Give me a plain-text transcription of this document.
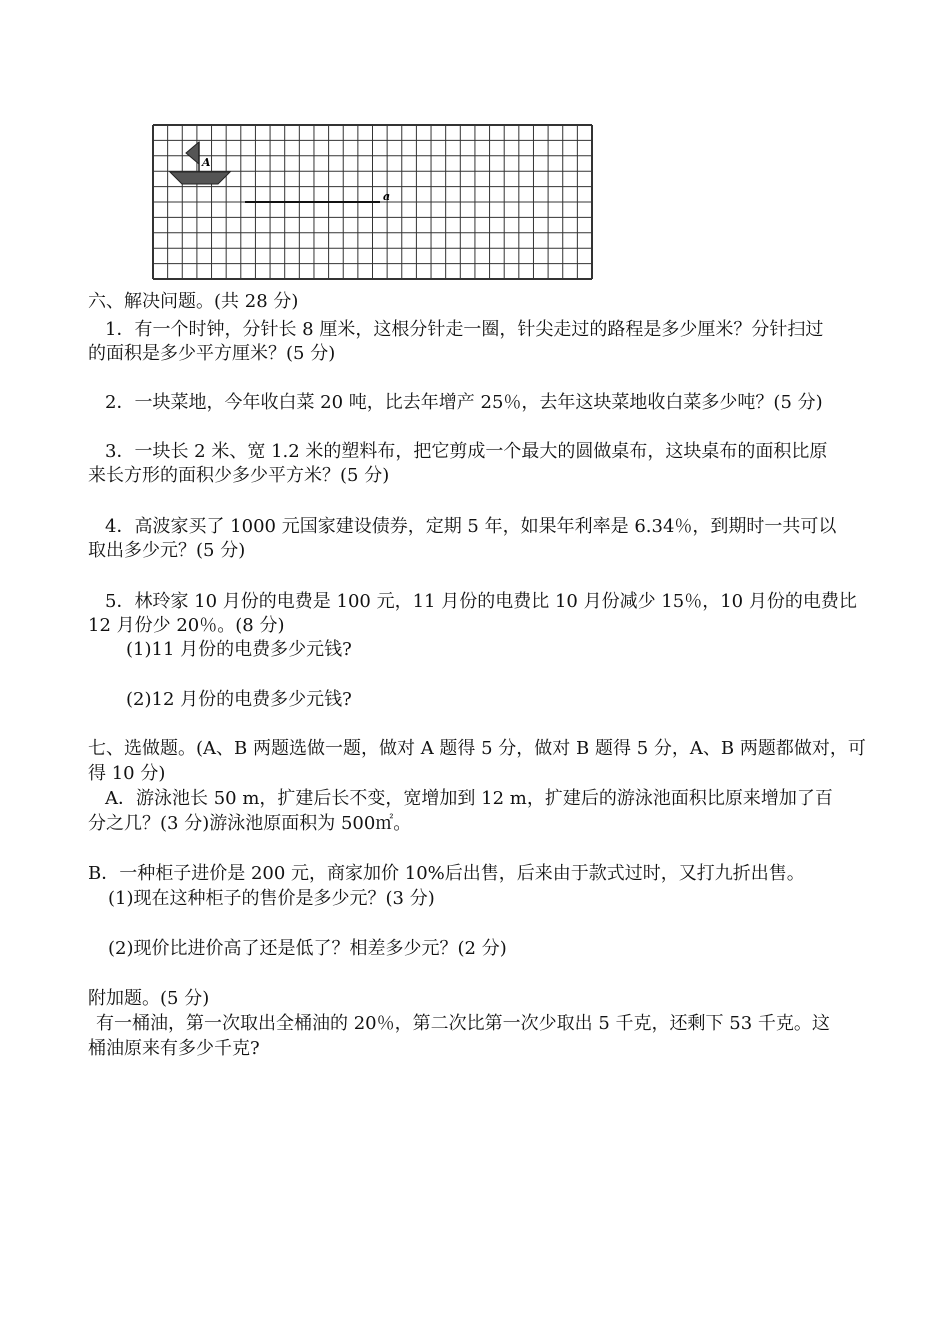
A
a
六、解决问题。(共 28 分)
1．有一个时钟，分针长 8 厘米，这根分针走一圈，针尖走过的路程是多少厘米？分针扫过
的面积是多少平方厘米？(5 分)
2．一块菜地，今年收白菜 20 吨，比去年增产 25％，去年这块菜地收白菜多少吨？(5 分)
3．一块长 2 米、宽 1.2 米的塑料布，把它剪成一个最大的圆做桌布，这块桌布的面积比原
来长方形的面积少多少平方米？(5 分)
4．高波家买了 1000 元国家建设债券，定期 5 年，如果年利率是 6.34％，到期时一共可以
取出多少元？(5 分)
5．林玲家 10 月份的电费是 100 元，11 月份的电费比 10 月份减少 15％，10 月份的电费比
12 月份少 20％。(8 分)
(1)11 月份的电费多少元钱?
(2)12 月份的电费多少元钱?
七、选做题。(A、B 两题选做一题，做对 A 题得 5 分，做对 B 题得 5 分，A、B 两题都做对，可
得 10 分)
A．游泳池长 50 m，扩建后长不变，宽增加到 12 m，扩建后的游泳池面积比原来增加了百
分之几？(3 分)游泳池原面积为 500㎡。
B．一种柜子进价是 200 元，商家加价 10%后出售，后来由于款式过时，又打九折出售。
(1)现在这种柜子的售价是多少元？(3 分)
(2)现价比进价高了还是低了？相差多少元？(2 分)
附加题。(5 分)
有一桶油，第一次取出全桶油的 20％，第二次比第一次少取出 5 千克，还剩下 53 千克。这
桶油原来有多少千克?
